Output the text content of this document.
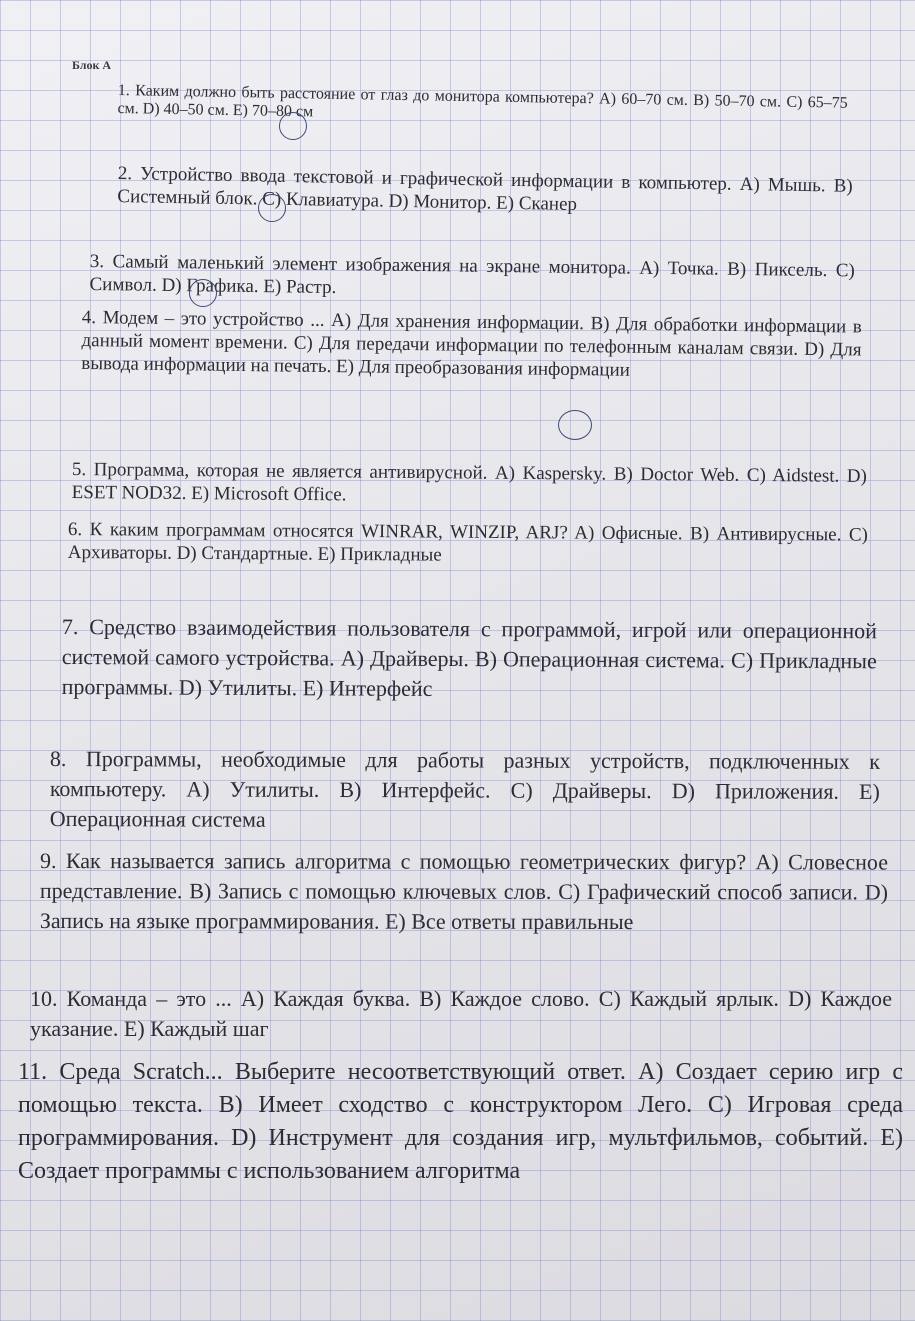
Блок А

1. Каким должно быть расстояние от глаз до монитора компьютера? A) 60–70 см. B) 50–70 см. C) 65–75 см. D) 40–50 см. E) 70–80 см

2. Устройство ввода текстовой и графической информации в компьютер. A) Мышь. B) Системный блок. C) Клавиатура. D) Монитор. E) Сканер

3. Самый маленький элемент изображения на экране монитора. A) Точка. B) Пиксель. C) Символ. D) Графика. E) Растр.

4. Модем – это устройство ... A) Для хранения информации. B) Для обработки информации в данный момент времени. C) Для передачи информации по телефонным каналам связи. D) Для вывода информации на печать. E) Для преобразования информации

5. Программа, которая не является антивирусной. A) Kaspersky. B) Doctor Web. C) Aidstest. D) ESET NOD32. E) Microsoft Office.

6. К каким программам относятся WINRAR, WINZIP, ARJ? A) Офисные. B) Антивирусные. C) Архиваторы. D) Стандартные. E) Прикладные

7. Средство взаимодействия пользователя с программой, игрой или операционной системой самого устройства. A) Драйверы. B) Операционная система. C) Прикладные программы. D) Утилиты. E) Интерфейс

8. Программы, необходимые для работы разных устройств, подключенных к компьютеру. A) Утилиты. B) Интерфейс. C) Драйверы. D) Приложения. E) Операционная система

9. Как называется запись алгоритма с помощью геометрических фигур? A) Словесное представление. B) Запись с помощью ключевых слов. C) Графический способ записи. D) Запись на языке программирования. E) Все ответы правильные

10. Команда – это ... A) Каждая буква. B) Каждое слово. C) Каждый ярлык. D) Каждое указание. E) Каждый шаг

11. Среда Scratch... Выберите несоответствующий ответ. A) Создает серию игр с помощью текста. B) Имеет сходство с конструктором Лего. C) Игровая среда программирования. D) Инструмент для создания игр, мультфильмов, событий. E) Создает программы с использованием алгоритма
